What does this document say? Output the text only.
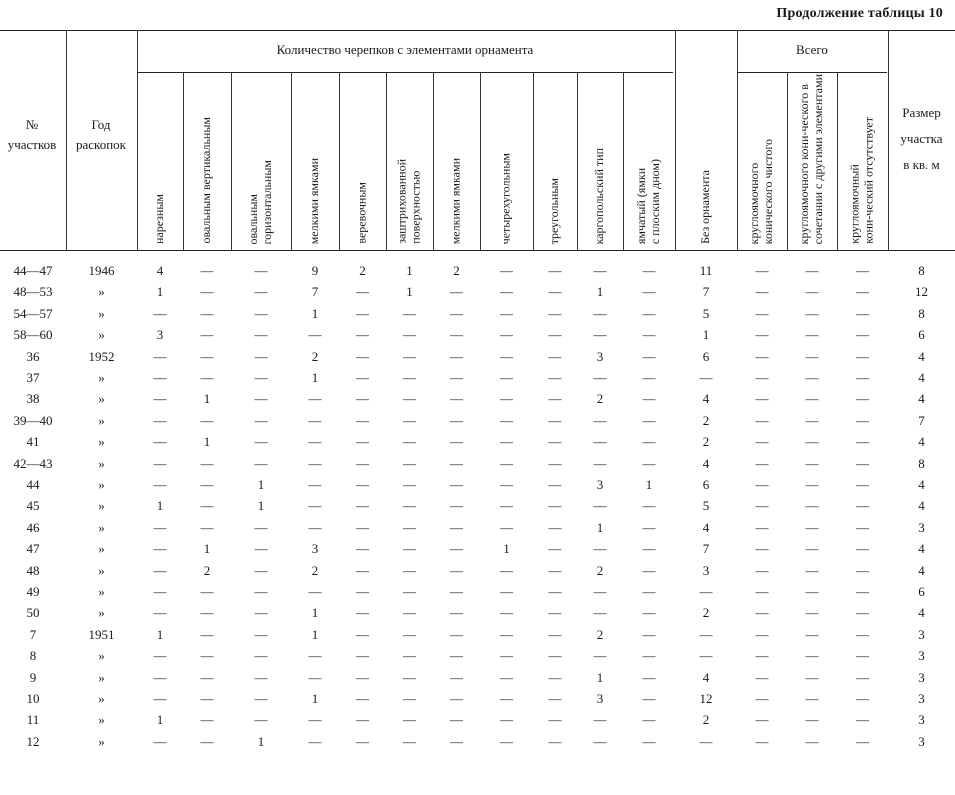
Продолжение таблицы 10
№
участков
Год
раскопок
Количество черепков с элементами орнамента	Всего
Размер
участка
в кв. м
нарезным	овальным вертикальным	овальным
горизонтальным	мелкими ямками	веревочным	заштрихованной
поверхностью	мелкими ямками	четырехугольным	треугольным	каргопольский тип	ямчатый (ямки
с плоским дном)	Без орнамента	круглоямочного
конического чистого	круглоямочного кони-ческого в
сочетании с другими элементами	круглоямочный
кони-ческий отсутствует
44—47	1946	4	—	—	9	2	1	2	—	—	—	—	11	—	—	—	8
48—53	»	1	—	—	7	—	1	—	—	—	1	—	7	—	—	—	12
54—57	»	—	—	—	1	—	—	—	—	—	—	—	5	—	—	—	8
58—60	»	3	—	—	—	—	—	—	—	—	—	—	1	—	—	—	6
36	1952	—	—	—	2	—	—	—	—	—	3	—	6	—	—	—	4
37	»	—	—	—	1	—	—	—	—	—	—	—	—	—	—	—	4
38	»	—	1	—	—	—	—	—	—	—	2	—	4	—	—	—	4
39—40	»	—	—	—	—	—	—	—	—	—	—	—	2	—	—	—	7
41	»	—	1	—	—	—	—	—	—	—	—	—	2	—	—	—	4
42—43	»	—	—	—	—	—	—	—	—	—	—	—	4	—	—	—	8
44	»	—	—	1	—	—	—	—	—	—	3	1	6	—	—	—	4
45	»	1	—	1	—	—	—	—	—	—	—	—	5	—	—	—	4
46	»	—	—	—	—	—	—	—	—	—	1	—	4	—	—	—	3
47	»	—	1	—	3	—	—	—	1	—	—	—	7	—	—	—	4
48	»	—	2	—	2	—	—	—	—	—	2	—	3	—	—	—	4
49	»	—	—	—	—	—	—	—	—	—	—	—	—	—	—	—	6
50	»	—	—	—	1	—	—	—	—	—	—	—	2	—	—	—	4
7	1951	1	—	—	1	—	—	—	—	—	2	—	—	—	—	—	3
8	»	—	—	—	—	—	—	—	—	—	—	—	—	—	—	—	3
9	»	—	—	—	—	—	—	—	—	—	1	—	4	—	—	—	3
10	»	—	—	—	1	—	—	—	—	—	3	—	12	—	—	—	3
11	»	1	—	—	—	—	—	—	—	—	—	—	2	—	—	—	3
12	»	—	—	1	—	—	—	—	—	—	—	—	—	—	—	—	3
